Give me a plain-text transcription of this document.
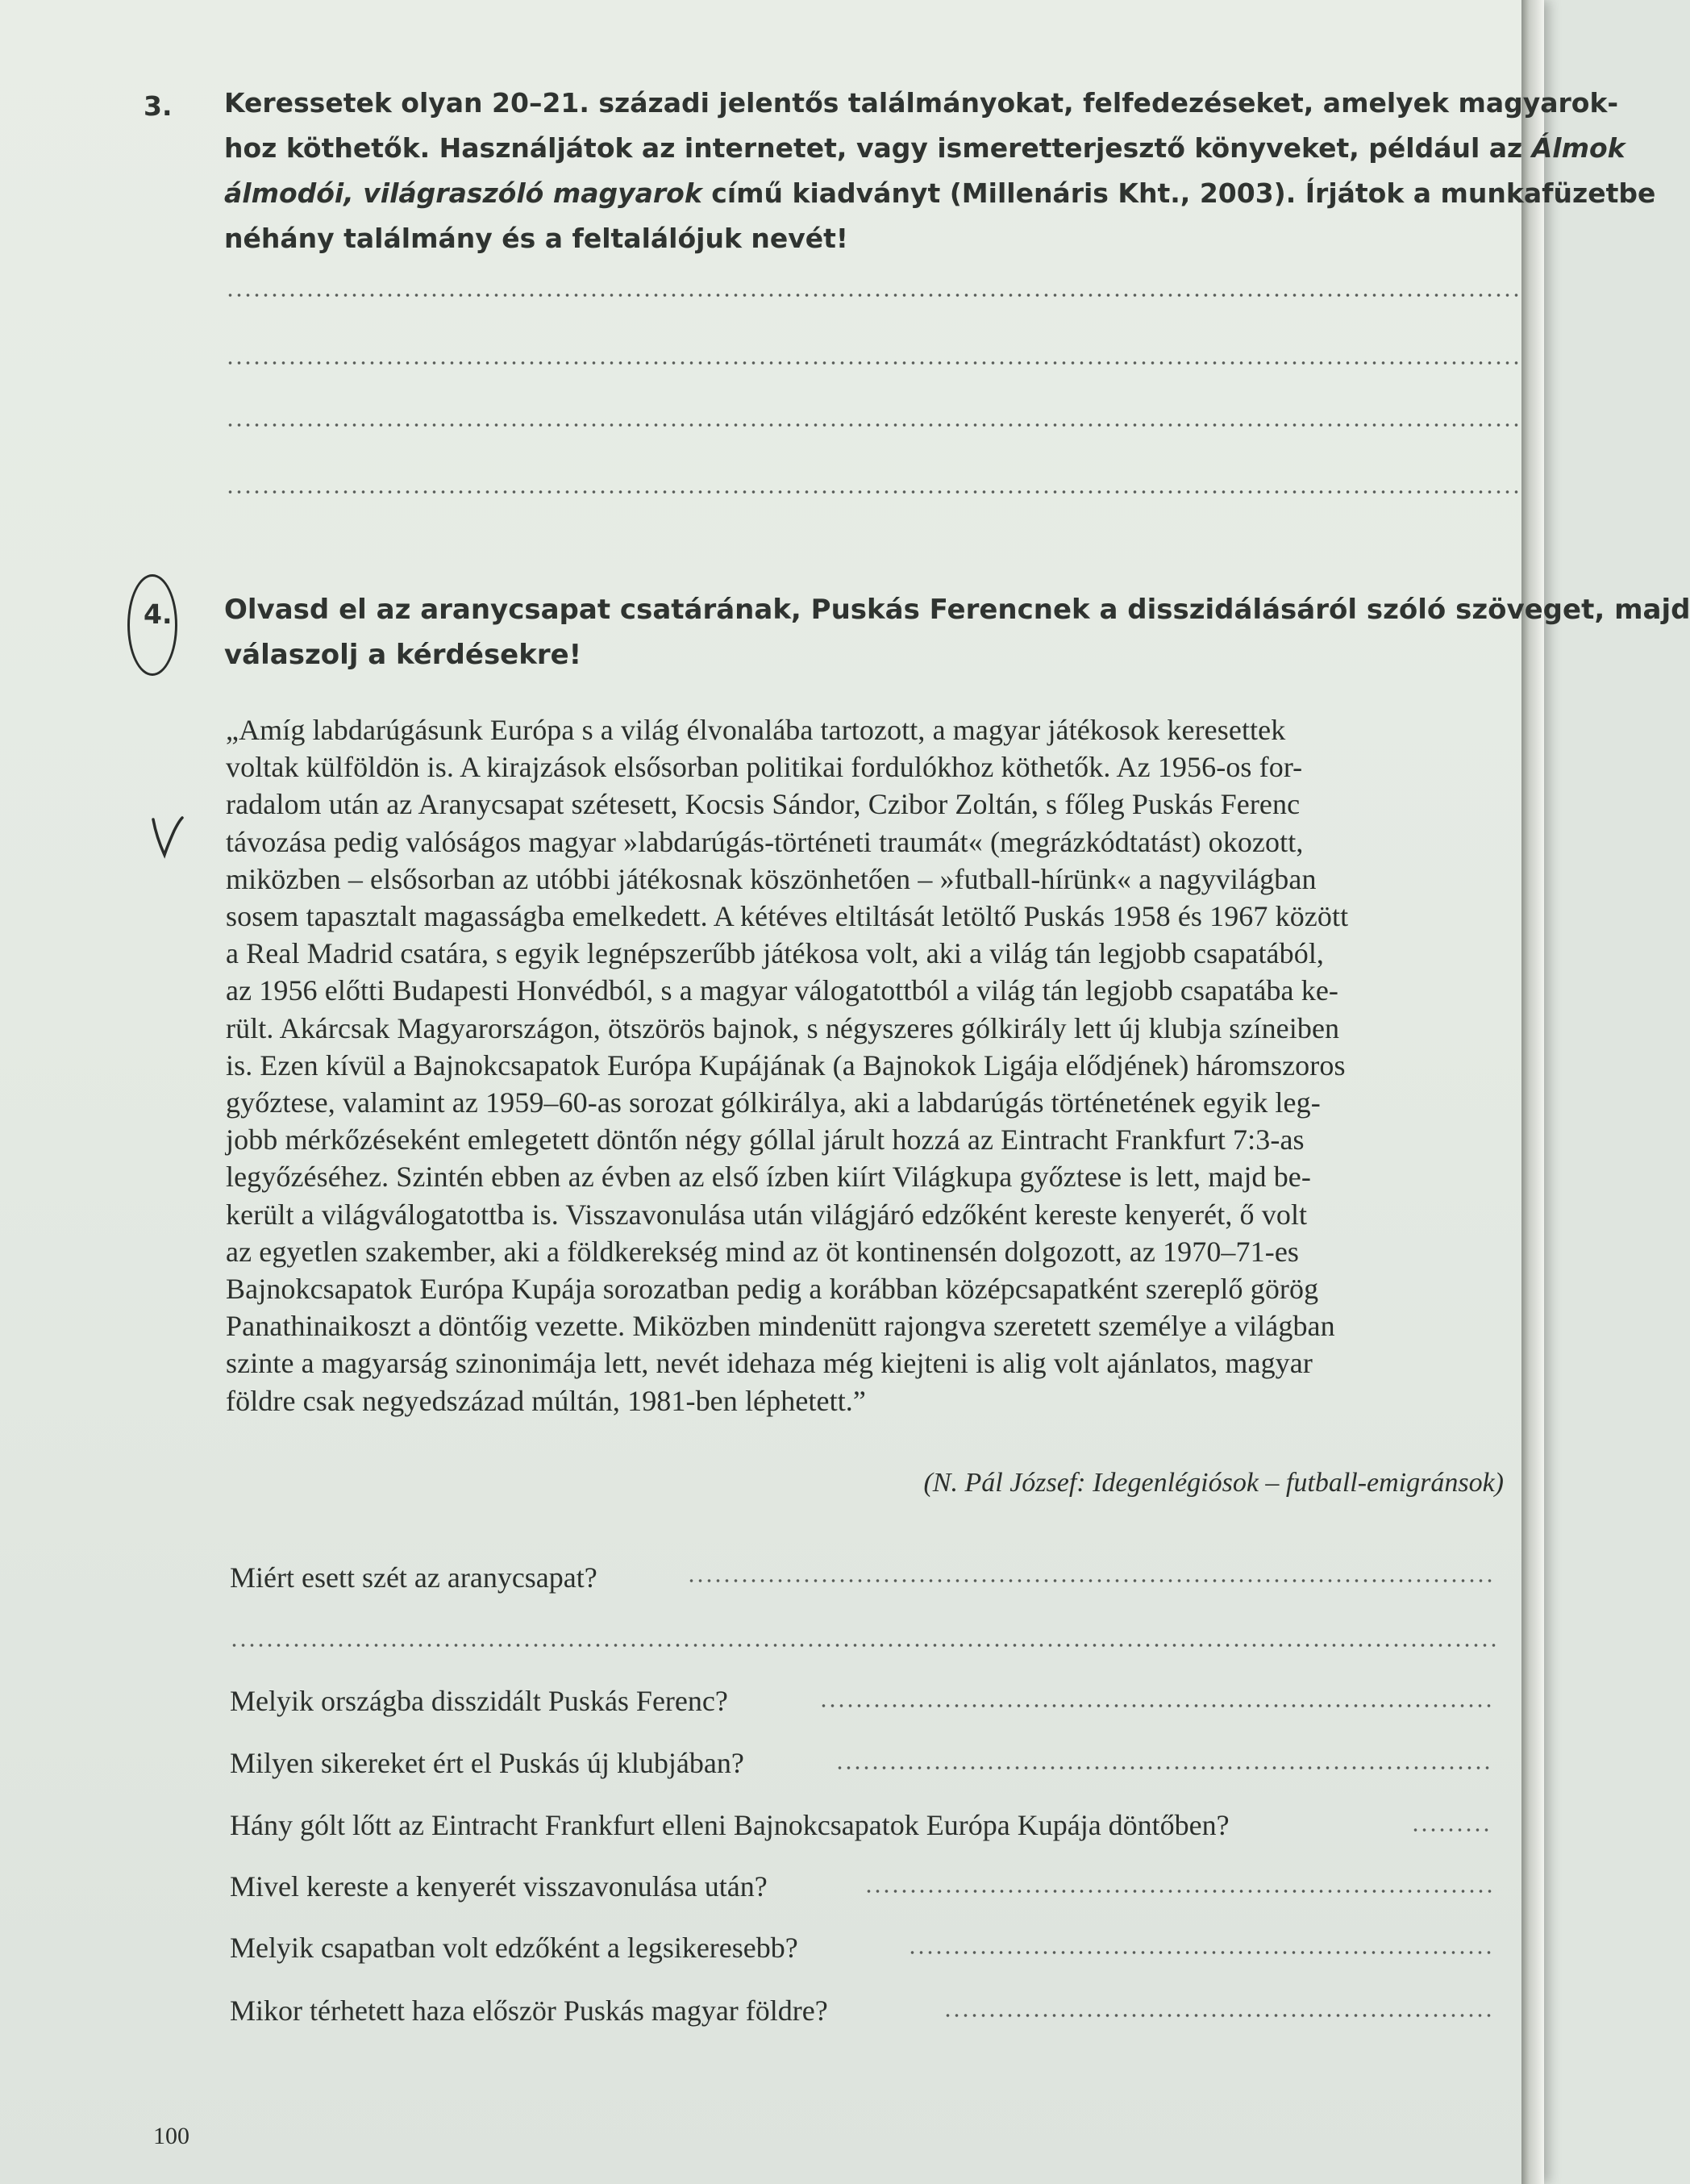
3. Keressetek olyan 20–21. századi jelentős találmányokat, felfedezéseket, amelyek magyarok-

hoz köthetők. Használjátok az internetet, vagy ismeretterjesztő könyveket, például az Álmok

álmodói, világraszóló magyarok című kiadványt (Millenáris Kht., 2003). Írjátok a munkafüzetbe

néhány találmány és a feltalálójuk nevét!

4. Olvasd el az aranycsapat csatárának, Puskás Ferencnek a disszidálásáról szóló szöveget, majd

válaszolj a kérdésekre!

„Amíg labdarúgásunk Európa s a világ élvonalába tartozott, a magyar játékosok keresettek

voltak külföldön is. A kirajzások elsősorban politikai fordulókhoz köthetők. Az 1956-os for-

radalom után az Aranycsapat szétesett, Kocsis Sándor, Czibor Zoltán, s főleg Puskás Ferenc

távozása pedig valóságos magyar »labdarúgás-történeti traumát« (megrázkódtatást) okozott,

miközben – elsősorban az utóbbi játékosnak köszönhetően – »futball-hírünk« a nagyvilágban

sosem tapasztalt magasságba emelkedett. A kétéves eltiltását letöltő Puskás 1958 és 1967 között

a Real Madrid csatára, s egyik legnépszerűbb játékosa volt, aki a világ tán legjobb csapatából,

az 1956 előtti Budapesti Honvédból, s a magyar válogatottból a világ tán legjobb csapatába ke-

rült. Akárcsak Magyarországon, ötszörös bajnok, s négyszeres gólkirály lett új klubja színeiben

is. Ezen kívül a Bajnokcsapatok Európa Kupájának (a Bajnokok Ligája elődjének) háromszoros

győztese, valamint az 1959–60-as sorozat gólkirálya, aki a labdarúgás történetének egyik leg-

jobb mérkőzéseként emlegetett döntőn négy góllal járult hozzá az Eintracht Frankfurt 7:3-as

legyőzéséhez. Szintén ebben az évben az első ízben kiírt Világkupa győztese is lett, majd be-

került a világválogatottba is. Visszavonulása után világjáró edzőként kereste kenyerét, ő volt

az egyetlen szakember, aki a földkerekség mind az öt kontinensén dolgozott, az 1970–71-es

Bajnokcsapatok Európa Kupája sorozatban pedig a korábban középcsapatként szereplő görög

Panathinaikoszt a döntőig vezette. Miközben mindenütt rajongva szeretett személye a világban

szinte a magyarság szinonimája lett, nevét idehaza még kiejteni is alig volt ajánlatos, magyar

földre csak negyedszázad múltán, 1981-ben léphetett.”

(N. Pál József: Idegenlégiósok – futball-emigránsok)
Miért esett szét az aranycsapat?
Melyik országba disszidált Puskás Ferenc?
Milyen sikereket ért el Puskás új klubjában?
Hány gólt lőtt az Eintracht Frankfurt elleni Bajnokcsapatok Európa Kupája döntőben?
Mivel kereste a kenyerét visszavonulása után?
Melyik csapatban volt edzőként a legsikeresebb?
Mikor térhetett haza először Puskás magyar földre?
100
